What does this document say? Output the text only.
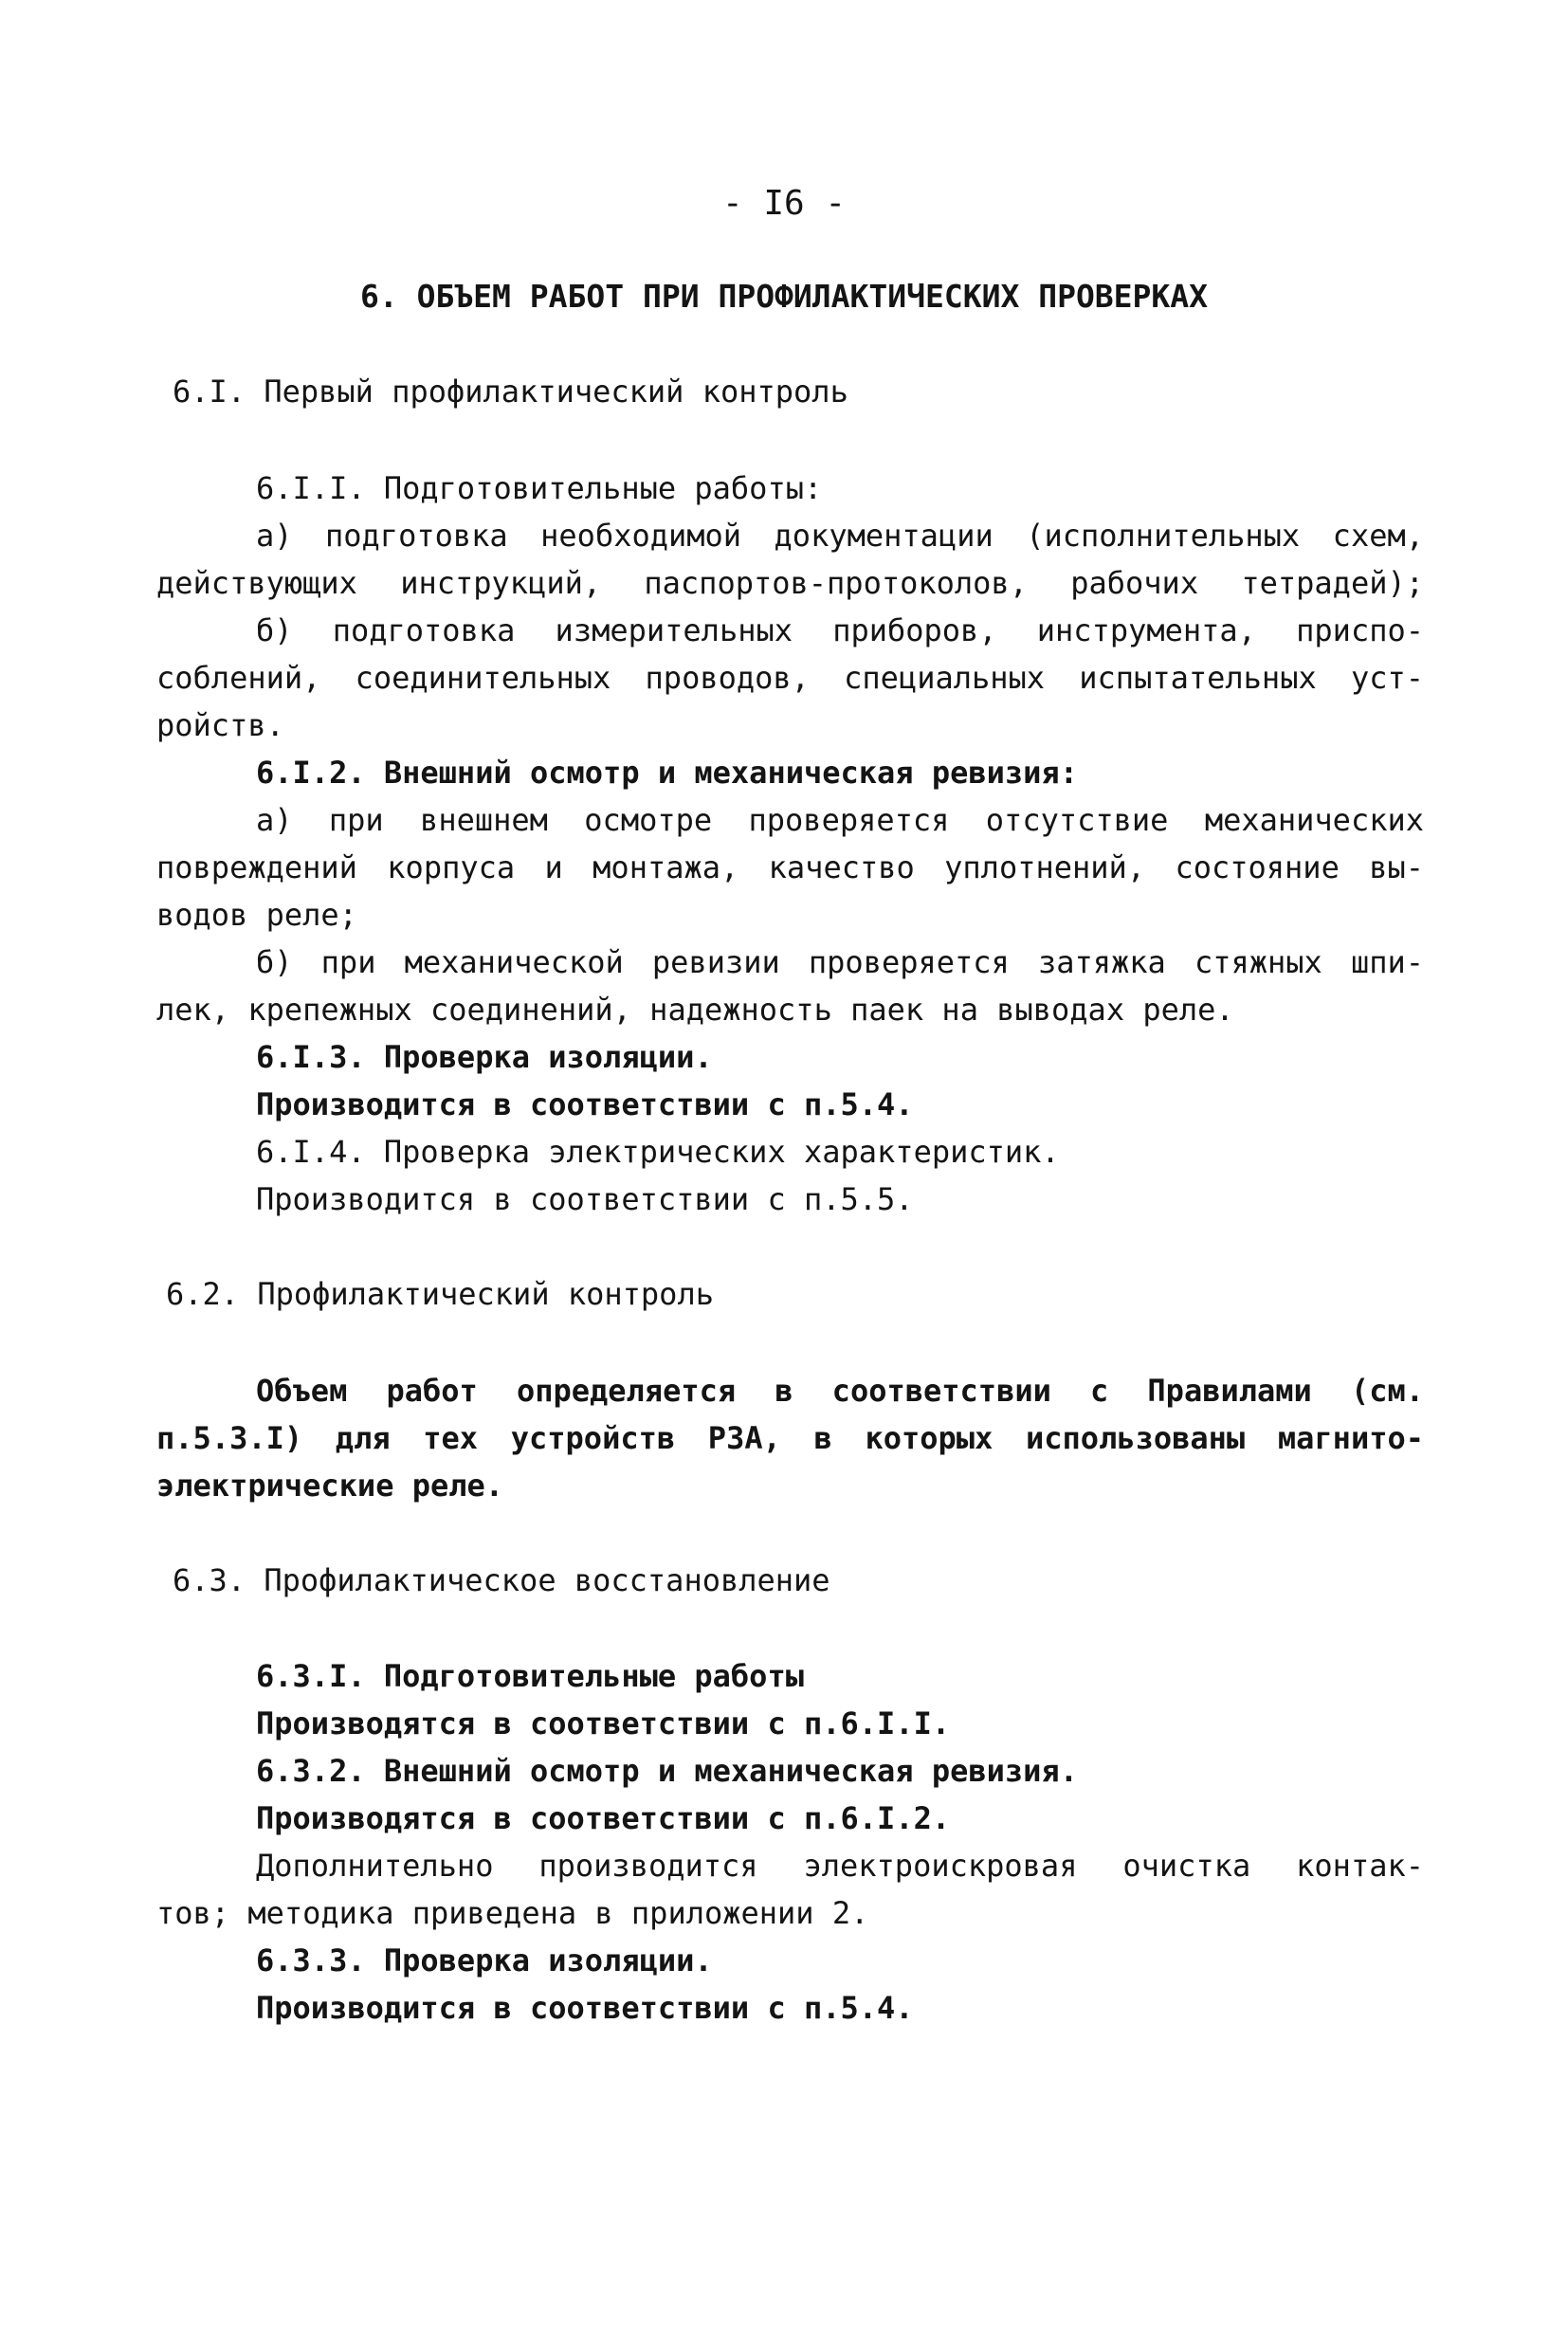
- I6 -
6. ОБЪЕМ РАБОТ ПРИ ПРОФИЛАКТИЧЕСКИХ ПРОВЕРКАХ
6.I. Первый профилактический контроль
6.I.I. Подготовительные работы:
а) подготовка необходимой документации (исполнительных схем,
действующих инструкций, паспортов-протоколов, рабочих тетрадей);
б) подготовка измерительных приборов, инструмента, приспо-
соблений, соединительных проводов, специальных испытательных уст-
ройств.
6.I.2. Внешний осмотр и механическая ревизия:
а) при внешнем осмотре проверяется отсутствие механических
повреждений корпуса и монтажа, качество уплотнений, состояние вы-
водов реле;
б) при механической ревизии проверяется затяжка стяжных шпи-
лек, крепежных соединений, надежность паек на выводах реле.
6.I.3. Проверка изоляции.
Производится в соответствии с п.5.4.
6.I.4. Проверка электрических характеристик.
Производится в соответствии с п.5.5.
6.2. Профилактический контроль
Объем работ определяется в соответствии с Правилами (см.
п.5.3.I) для тех устройств РЗА, в которых использованы магнито-
электрические реле.
6.3. Профилактическое восстановление
6.3.I. Подготовительные работы
Производятся в соответствии с п.6.I.I.
6.3.2. Внешний осмотр и механическая ревизия.
Производятся в соответствии с п.6.I.2.
Дополнительно производится электроискровая очистка контак-
тов; методика приведена в приложении 2.
6.3.3. Проверка изоляции.
Производится в соответствии с п.5.4.
